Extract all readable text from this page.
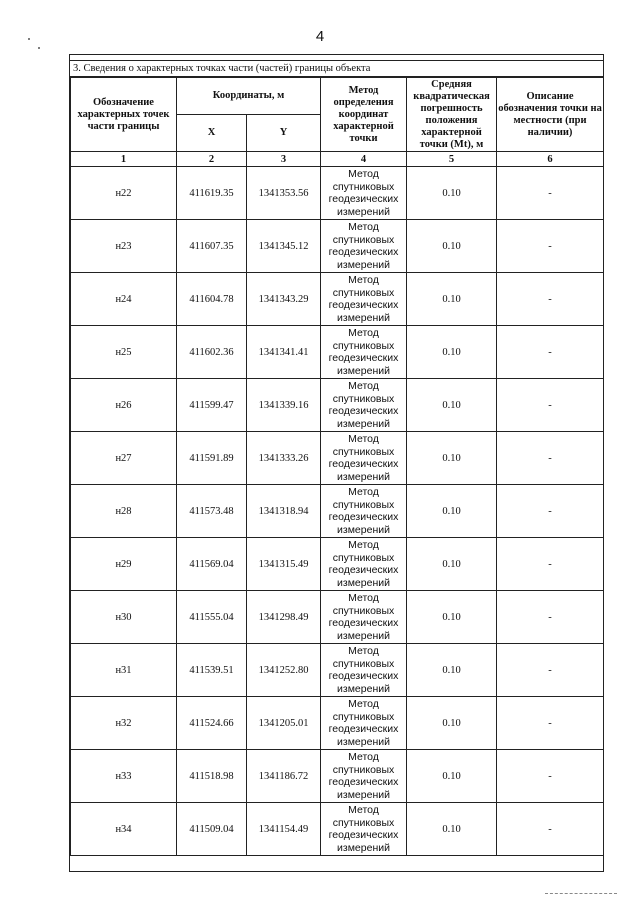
4
3. Сведения о характерных точках части (частей) границы объекта
Обозначение характерных точек части границы	Координаты, м		Метод определения координат характерной точки	Средняя квадратическая погрешность положения характерной точки (Mt), м	Описание обозначения точки на местности (при наличии)
	X	Y			
1	2	3	4	5	6
н22	411619.35	1341353.56	Метод спутниковых геодезических измерений	0.10	-
н23	411607.35	1341345.12	Метод спутниковых геодезических измерений	0.10	-
н24	411604.78	1341343.29	Метод спутниковых геодезических измерений	0.10	-
н25	411602.36	1341341.41	Метод спутниковых геодезических измерений	0.10	-
н26	411599.47	1341339.16	Метод спутниковых геодезических измерений	0.10	-
н27	411591.89	1341333.26	Метод спутниковых геодезических измерений	0.10	-
н28	411573.48	1341318.94	Метод спутниковых геодезических измерений	0.10	-
н29	411569.04	1341315.49	Метод спутниковых геодезических измерений	0.10	-
н30	411555.04	1341298.49	Метод спутниковых геодезических измерений	0.10	-
н31	411539.51	1341252.80	Метод спутниковых геодезических измерений	0.10	-
н32	411524.66	1341205.01	Метод спутниковых геодезических измерений	0.10	-
н33	411518.98	1341186.72	Метод спутниковых геодезических измерений	0.10	-
н34	411509.04	1341154.49	Метод спутниковых геодезических измерений	0.10	-
